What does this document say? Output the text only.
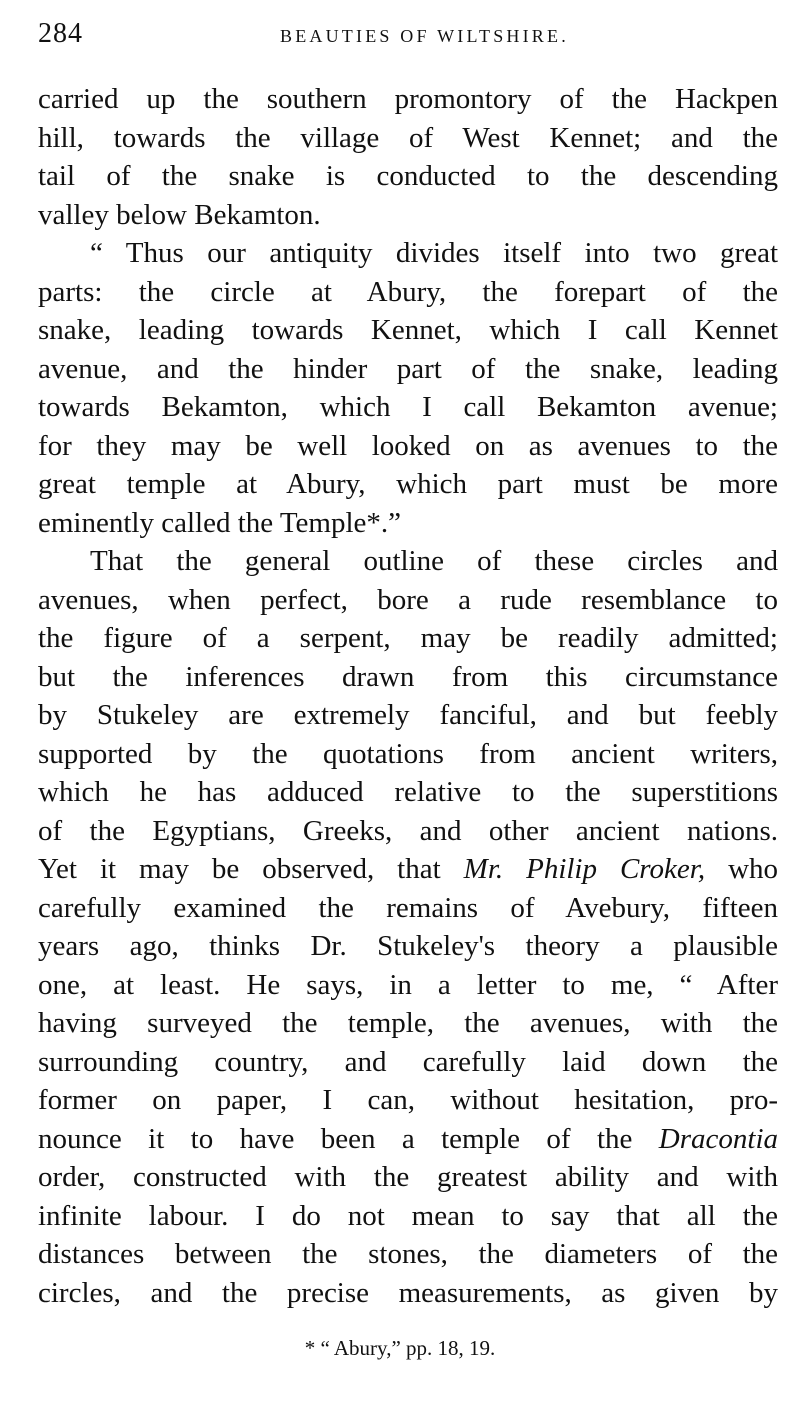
284	BEAUTIES OF WILTSHIRE.
carried up the southern promontory of the Hackpen
hill, towards the village of West Kennet; and the
tail of the snake is conducted to the descending
valley below Bekamton.
“ Thus our antiquity divides itself into two great
parts: the circle at Abury, the forepart of the
snake, leading towards Kennet, which I call Kennet
avenue, and the hinder part of the snake, leading
towards Bekamton, which I call Bekamton avenue;
for they may be well looked on as avenues to the
great temple at Abury, which part must be more
eminently called the Temple*.”
That the general outline of these circles and
avenues, when perfect, bore a rude resemblance to
the figure of a serpent, may be readily admitted;
but the inferences drawn from this circumstance
by Stukeley are extremely fanciful, and but feebly
supported by the quotations from ancient writers,
which he has adduced relative to the superstitions
of the Egyptians, Greeks, and other ancient nations.
Yet it may be observed, that Mr. Philip Croker, who
carefully examined the remains of Avebury, fifteen
years ago, thinks Dr. Stukeley's theory a plausible
one, at least. He says, in a letter to me, “ After
having surveyed the temple, the avenues, with the
surrounding country, and carefully laid down the
former on paper, I can, without hesitation, pro-
nounce it to have been a temple of the Dracontia
order, constructed with the greatest ability and with
infinite labour. I do not mean to say that all the
distances between the stones, the diameters of the
circles, and the precise measurements, as given by
* “ Abury,” pp. 18, 19.
